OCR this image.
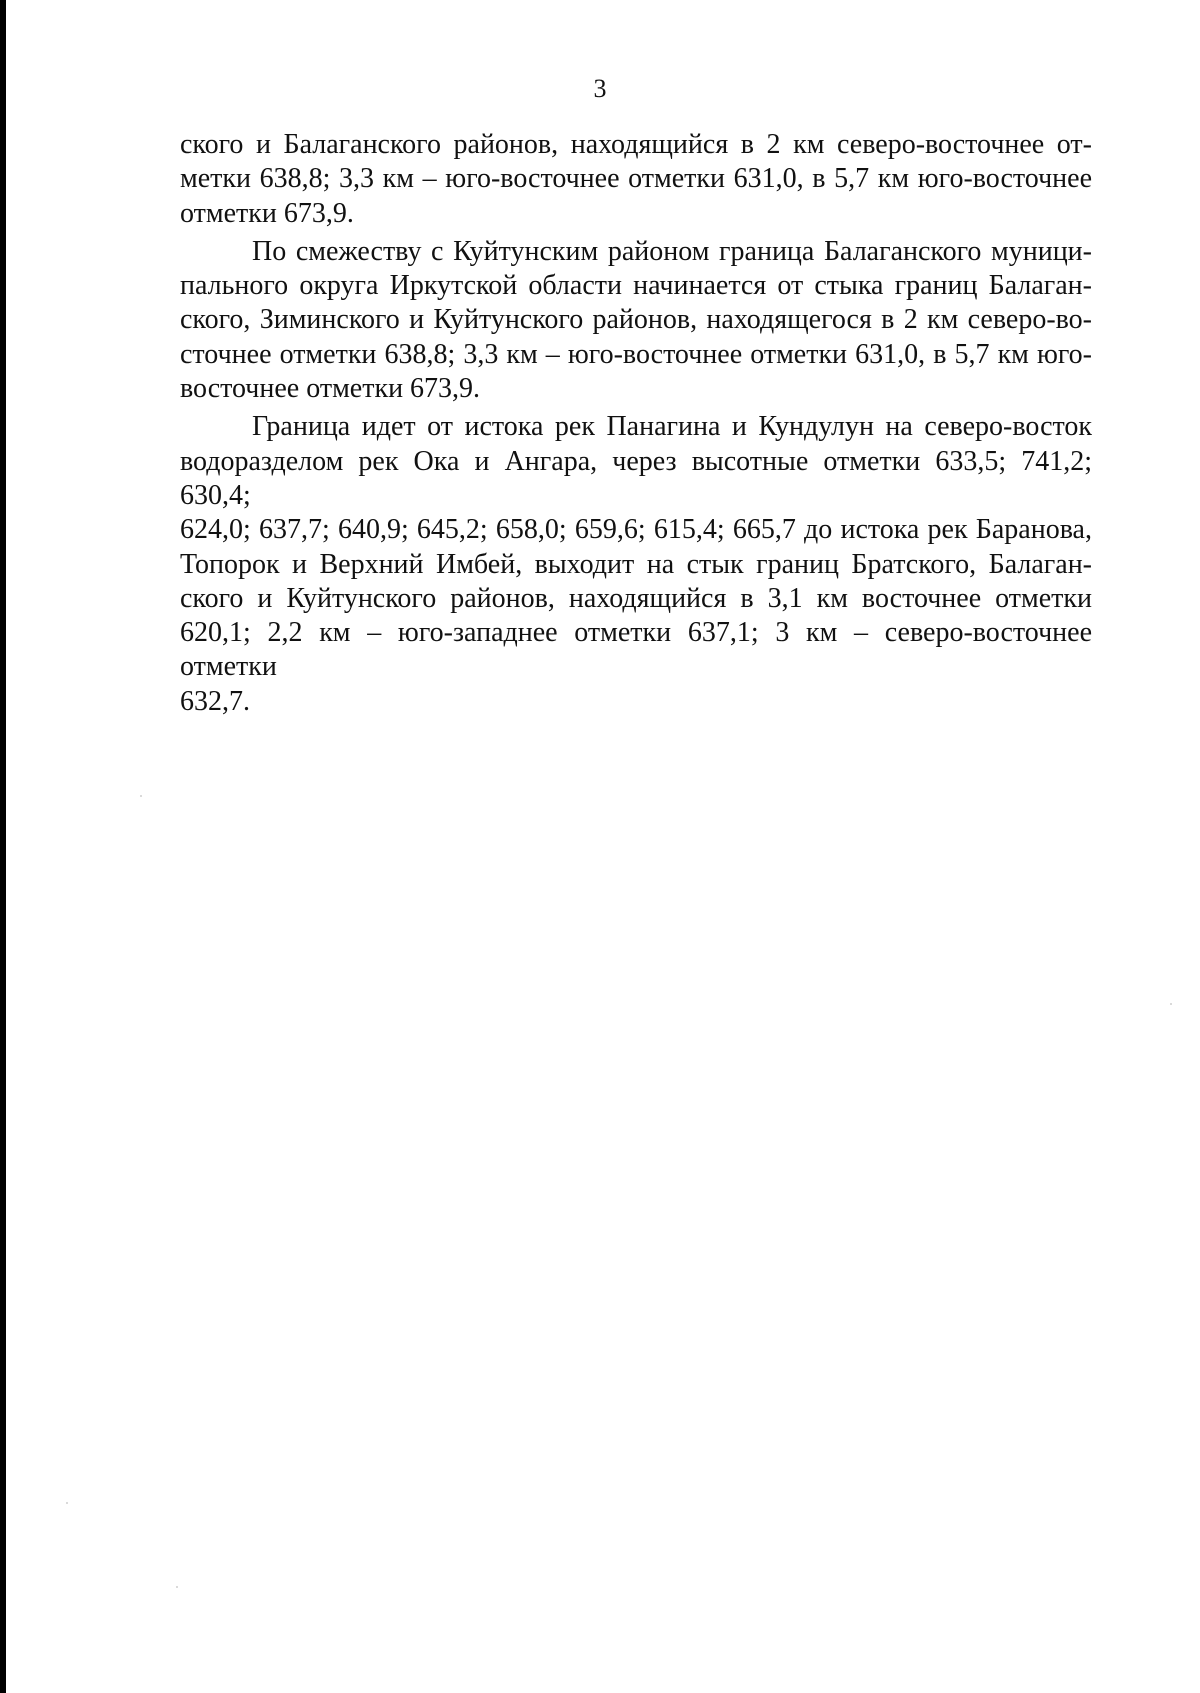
3

ского и Балаганского районов, находящийся в 2 км северо-восточнее от-
метки 638,8; 3,3 км – юго-восточнее отметки 631,0, в 5,7 км юго-восточнее
отметки 673,9.

По смежеству с Куйтунским районом граница Балаганского муници-
пального округа Иркутской области начинается от стыка границ Балаган-
ского, Зиминского и Куйтунского районов, находящегося в 2 км северо-во-
сточнее отметки 638,8; 3,3 км – юго-восточнее отметки 631,0, в 5,7 км юго-
восточнее отметки 673,9.

Граница идет от истока рек Панагина и Кундулун на северо-восток
водоразделом рек Ока и Ангара, через высотные отметки 633,5; 741,2; 630,4;
624,0; 637,7; 640,9; 645,2; 658,0; 659,6; 615,4; 665,7 до истока рек Баранова,
Топорок и Верхний Имбей, выходит на стык границ Братского, Балаган-
ского и Куйтунского районов, находящийся в 3,1 км восточнее отметки
620,1; 2,2 км – юго-западнее отметки 637,1; 3 км – северо-восточнее отметки
632,7.
